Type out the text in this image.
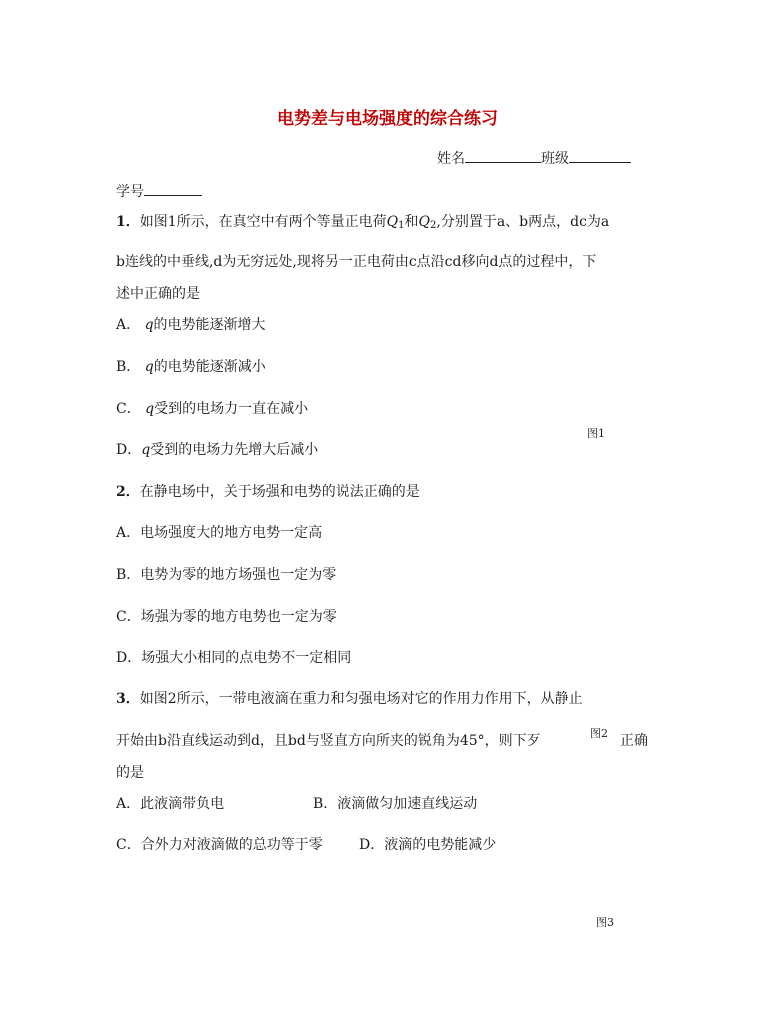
电势差与电场强度的综合练习
姓名	班级
学号
1．如图1所示，在真空中有两个等量正电荷$Q_1$和$Q_2$,分别置于a、b两点，dc为a
b连线的中垂线,d为无穷远处,现将另一正电荷由c点沿cd移向d点的过程中，下
述中正确的是
A． q的电势能逐渐增大
B． q的电势能逐渐减小
C． q受到的电场力一直在减小
图1
D．q受到的电场力先增大后减小
2．在静电场中，关于场强和电势的说法正确的是
A．电场强度大的地方电势一定高
B．电势为零的地方场强也一定为零
C．场强为零的地方电势也一定为零
D．场强大小相同的点电势不一定相同
3．如图2所示，一带电液滴在重力和匀强电场对它的作用力作用下，从静止
开始由b沿直线运动到d，且bd与竖直方向所夹的锐角为45°，则下歹	图2 正确
的是
A．此液滴带负电	B．液滴做匀加速直线运动
C．合外力对液滴做的总功等于零	D．液滴的电势能减少
图3
